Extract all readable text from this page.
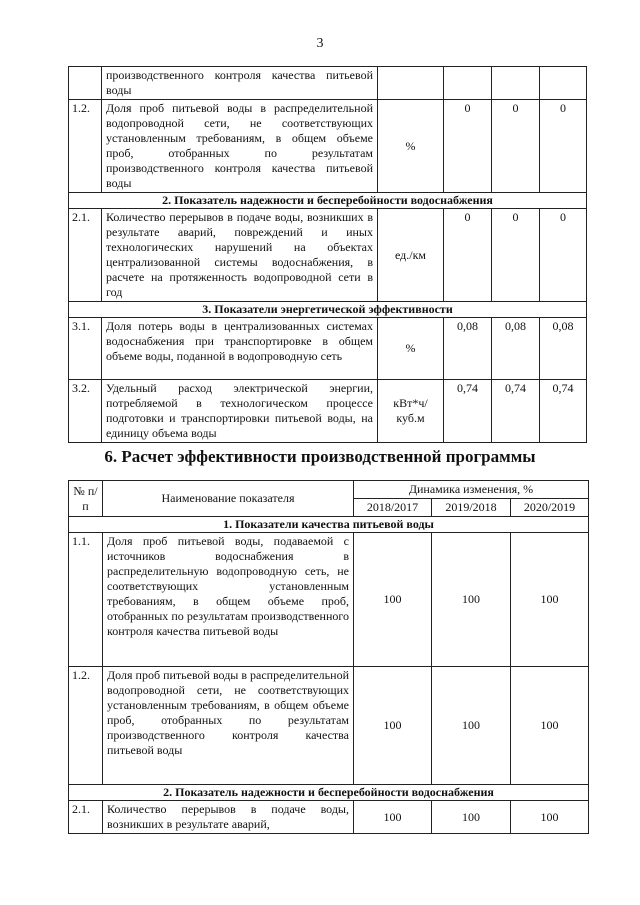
3
	производственного контроля качества питьевой воды				
1.2.	Доля проб питьевой воды в распределительной водопроводной сети, не соответствующих установленным требованиям, в общем объеме проб, отобранных по результатам производственного контроля качества питьевой воды	%	0	0	0
2. Показатель надежности и бесперебойности водоснабжения					
2.1.	Количество перерывов в подаче воды, возникших в результате аварий, повреждений и иных технологических нарушений на объектах централизованной системы водоснабжения, в расчете на протяженность водопроводной сети в год	ед./км	0	0	0
3. Показатели энергетической эффективности					
3.1.	Доля потерь воды в централизованных системах водоснабжения при транспортировке в общем объеме воды, поданной в водопроводную сеть	%	0,08	0,08	0,08
3.2.	Удельный расход электрической энергии, потребляемой в технологическом процессе подготовки и транспортировки питьевой воды, на единицу объема воды	кВт*ч/куб.м	0,74	0,74	0,74
6. Расчет эффективности производственной программы
№ п/п	Наименование показателя	Динамика изменения, %		
		2018/2017	2019/2018	2020/2019
1. Показатели качества питьевой воды				
1.1.	Доля проб питьевой воды, подаваемой с источников водоснабжения в распределительную водопроводную сеть, не соответствующих установленным требованиям, в общем объеме проб, отобранных по результатам производственного контроля качества питьевой воды	100	100	100
1.2.	Доля проб питьевой воды в распределительной водопроводной сети, не соответствующих установленным требованиям, в общем объеме проб, отобранных по результатам производственного контроля качества питьевой воды	100	100	100
2. Показатель надежности и бесперебойности водоснабжения				
2.1.	Количество перерывов в подаче воды, возникших в результате аварий,	100	100	100
